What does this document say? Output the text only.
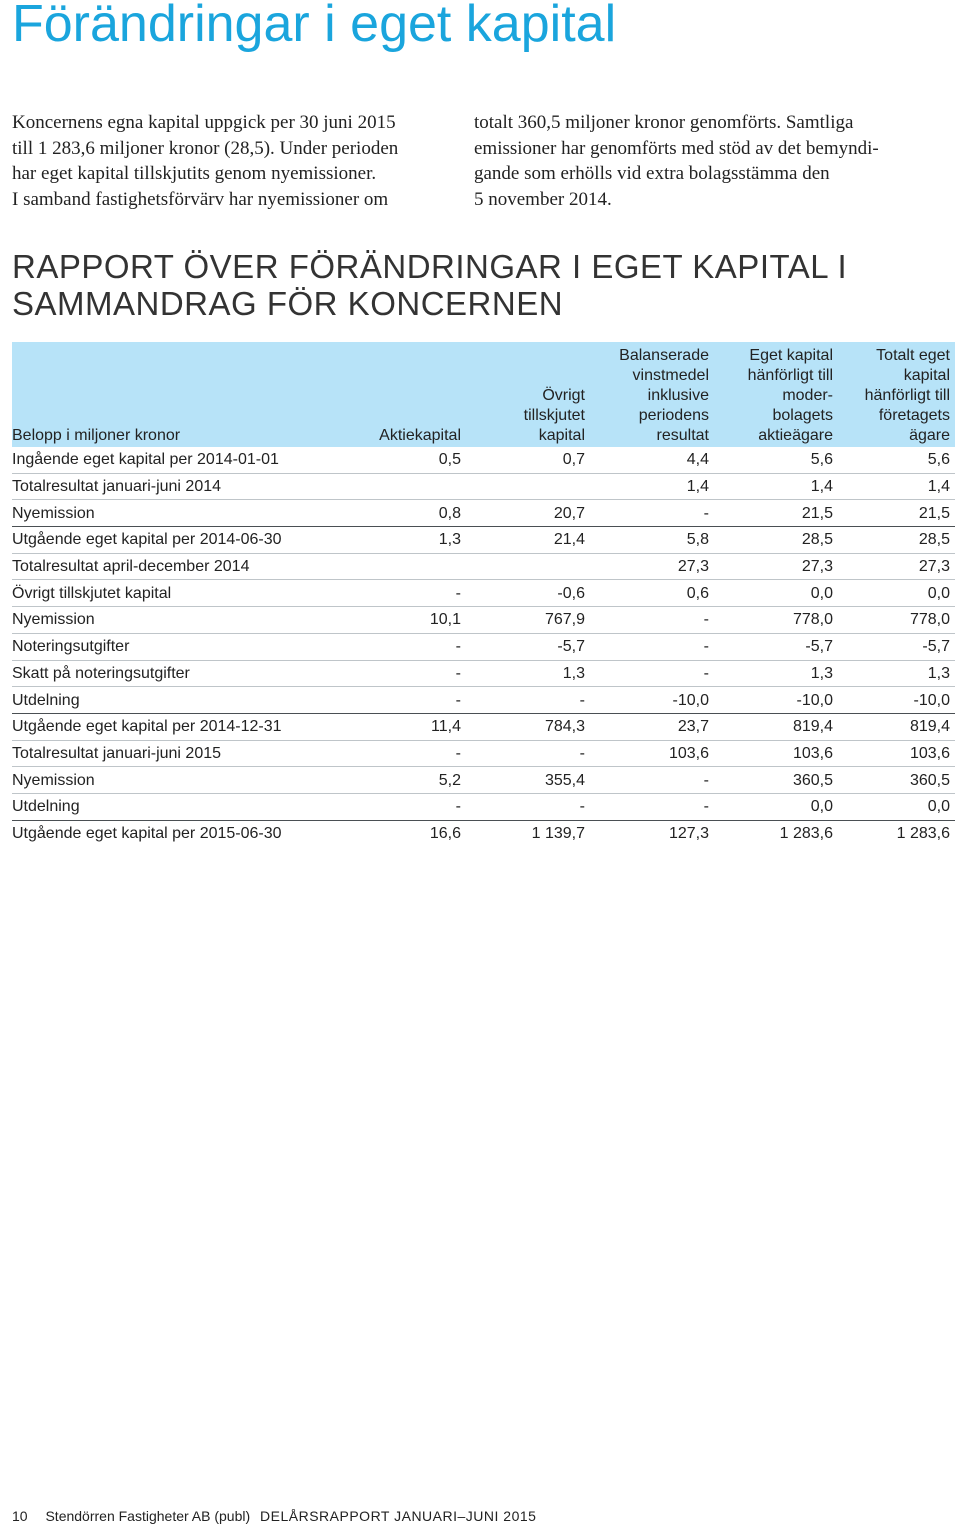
Förändringar i eget kapital

Koncernens egna kapital uppgick per 30 juni 2015
till 1 283,6 miljoner kronor (28,5). Under perioden
har eget kapital tillskjutits genom nyemissioner.
I samband fastighetsförvärv har nyemissioner om

totalt 360,5 miljoner kronor genomförts. Samtliga
emissioner har genomförts med stöd av det bemyndi-
gande som erhölls vid extra bolagsstämma den
5 november 2014.

RAPPORT ÖVER FÖRÄNDRINGAR I EGET KAPITAL I
SAMMANDRAG FÖR KONCERNEN
Belopp i miljoner kronor	Aktiekapital	Övrigt
tillskjutet
kapital	Balanserade
vinstmedel
inklusive
periodens
resultat	Eget kapital
hänförligt till
moder-
bolagets
aktieägare	Totalt eget
kapital
hänförligt till
företagets
ägare

Ingående eget kapital per 2014-01-01	0,5	0,7	4,4	5,6	5,6
Totalresultat januari-juni 2014			1,4	1,4	1,4
Nyemission	0,8	20,7	-	21,5	21,5
Utgående eget kapital per 2014-06-30	1,3	21,4	5,8	28,5	28,5
Totalresultat april-december 2014			27,3	27,3	27,3
Övrigt tillskjutet kapital	-	-0,6	0,6	0,0	0,0
Nyemission	10,1	767,9	-	778,0	778,0
Noteringsutgifter	-	-5,7	-	-5,7	-5,7
Skatt på noteringsutgifter	-	1,3	-	1,3	1,3
Utdelning	-	-	-10,0	-10,0	-10,0
Utgående eget kapital per 2014-12-31	11,4	784,3	23,7	819,4	819,4
Totalresultat januari-juni 2015	-	-	103,6	103,6	103,6
Nyemission	5,2	355,4	-	360,5	360,5
Utdelning	-	-	-	0,0	0,0
Utgående eget kapital per 2015-06-30	16,6	1 139,7	127,3	1 283,6	1 283,6
10 Stendörren Fastigheter AB (publ) DELÅRSRAPPORT JANUARI–JUNI 2015
